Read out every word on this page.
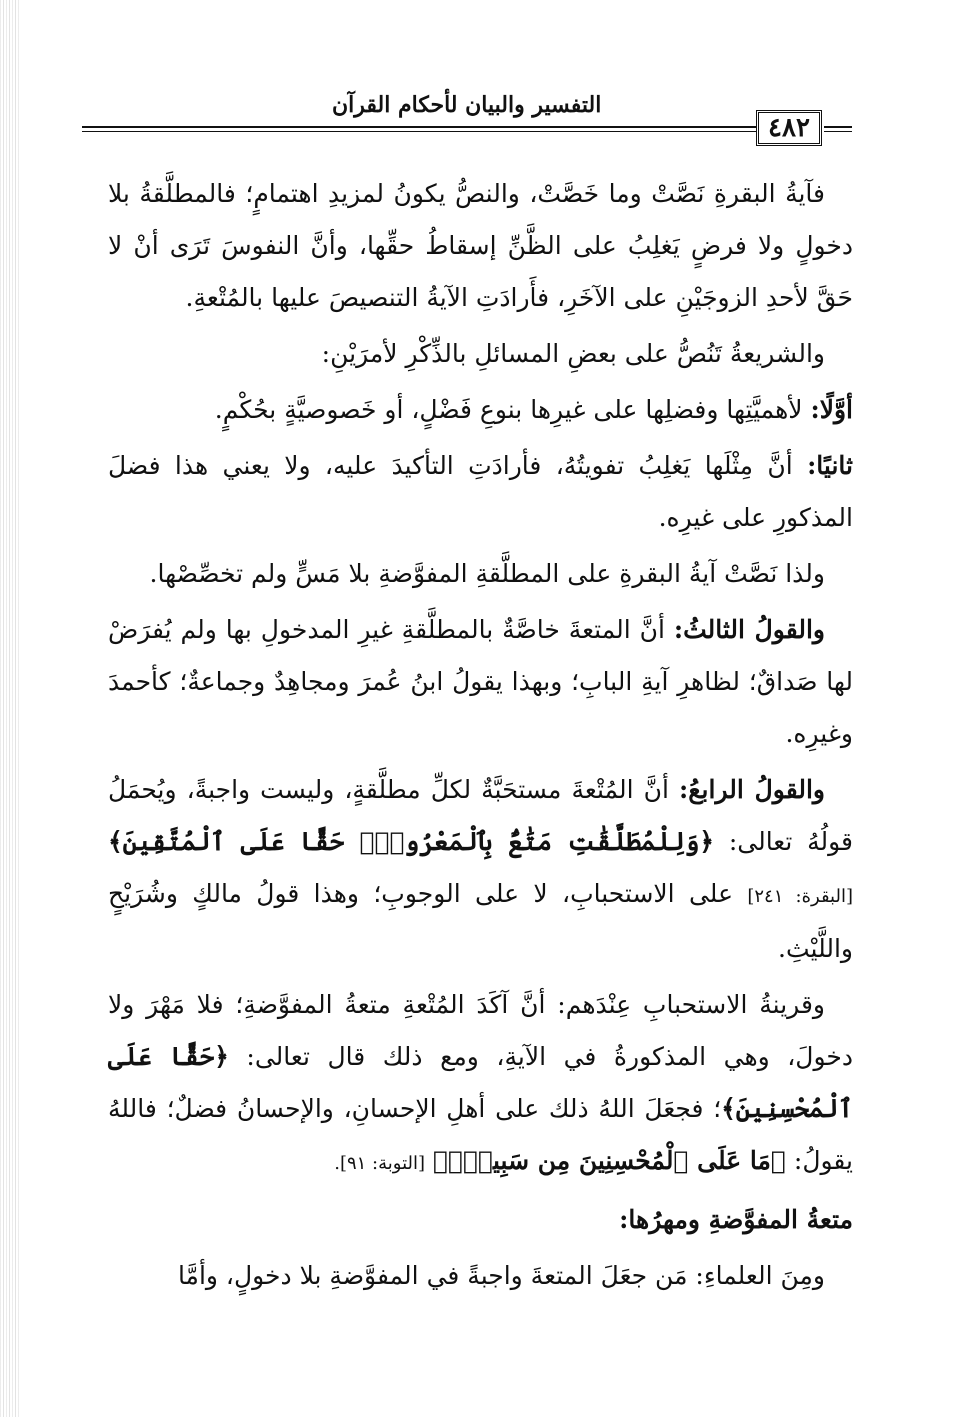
التفسير والبيان لأحكام القرآن
٤٨٢

فآيةُ البقرةِ نَصَّتْ وما خَصَّتْ، والنصُّ يكونُ لمزيدِ اهتمامٍ؛ فالمطلَّقةُ بلا دخولٍ ولا فرضٍ يَغلِبُ على الظَّنِّ إسقاطُ حقِّها، وأنَّ النفوسَ تَرَى أنْ لا حَقَّ لأحدِ الزوجَيْنِ على الآخَرِ، فأَرادَتِ الآيةُ التنصيصَ عليها بالمُتْعةِ.

والشريعةُ تَنُصُّ على بعضِ المسائلِ بالذِّكْرِ لأمرَيْنِ:

أوَّلًا: لأهميَّتِها وفضلِها على غيرِها بنوعِ فَضْلٍ، أو خَصوصيَّةٍ بحُكْمٍ.

ثانيًا: أنَّ مِثْلَها يَغلِبُ تفويتُهُ، فأرادَتِ التأكيدَ عليه، ولا يعني هذا فضلَ المذكورِ على غيرِه.

ولذا نَصَّتْ آيةُ البقرةِ على المطلَّقةِ المفوَّضةِ بلا مَسٍّ ولم تخصِّصْها.

والقولُ الثالثُ: أنَّ المتعةَ خاصَّةٌ بالمطلَّقةِ غيرِ المدخولِ بها ولم يُفرَضْ لها صَداقٌ؛ لظاهرِ آيةِ البابِ؛ وبهذا يقولُ ابنُ عُمرَ ومجاهِدٌ وجماعةٌ؛ كأحمدَ وغيرِه.

والقولُ الرابعُ: أنَّ المُتْعةَ مستحَبَّةٌ لكلِّ مطلَّقةٍ، وليست واجبةً، ويُحمَلُ قولُهُ تعالى: ﴿وَلِلْمُطَلَّقَٰتِ مَتَٰعٌۢ بِٱلْمَعْرُوفِۖ حَقًّا عَلَى ٱلْمُتَّقِينَ﴾ [البقرة: ٢٤١] على الاستحبابِ، لا على الوجوبِ؛ وهذا قولُ مالكٍ وشُرَيْحٍ واللَّيْثِ.

وقرينةُ الاستحبابِ عِنْدَهم: أنَّ آكَدَ المُتْعةِ متعةُ المفوَّضةِ؛ فلا مَهْرَ ولا دخولَ، وهي المذكورةُ في الآيةِ، ومع ذلك قال تعالى: ﴿حَقًّا عَلَى ٱلْمُحْسِنِينَ﴾؛ فجعَلَ اللهُ ذلك على أهلِ الإحسانِ، والإحسانُ فضلٌ؛ فاللهُ يقولُ: ﴿مَا عَلَى ٱلْمُحْسِنِينَ مِن سَبِيلٍۚ﴾ [التوبة: ٩١].

متعةُ المفوَّضةِ ومهرُها:

ومِنَ العلماءِ: مَن جعَلَ المتعةَ واجبةً في المفوَّضةِ بلا دخولٍ، وأمَّا
